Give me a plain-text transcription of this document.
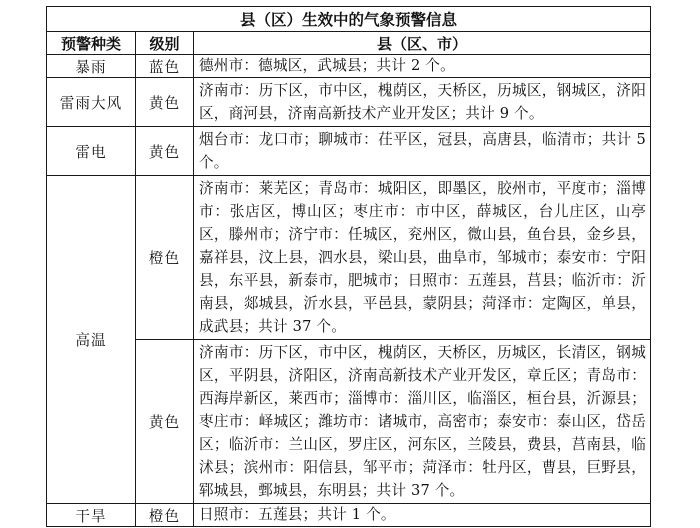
县（区）生效中的气象预警信息		
预警种类	级别	县（区、市）
暴雨	蓝色	德州市：德城区，武城县；共计 2 个。
雷雨大风	黄色	济南市：历下区，市中区，槐荫区，天桥区，历城区，钢城区，济阳区，商河县，济南高新技术产业开发区；共计 9 个。
雷电	黄色	烟台市：龙口市；聊城市：茌平区，冠县，高唐县，临清市；共计 5 个。
高温	橙色	济南市：莱芜区；青岛市：城阳区，即墨区，胶州市，平度市；淄博市：张店区，博山区；枣庄市：市中区，薛城区，台儿庄区，山亭区，滕州市；济宁市：任城区，兖州区，微山县，鱼台县，金乡县，嘉祥县，汶上县，泗水县，梁山县，曲阜市，邹城市；泰安市：宁阳县，东平县，新泰市，肥城市；日照市：五莲县，莒县；临沂市：沂南县，郯城县，沂水县，平邑县，蒙阴县；菏泽市：定陶区，单县，成武县；共计 37 个。
	黄色	济南市：历下区，市中区，槐荫区，天桥区，历城区，长清区，钢城区，平阴县，济阳区，济南高新技术产业开发区，章丘区；青岛市：西海岸新区，莱西市；淄博市：淄川区，临淄区，桓台县，沂源县；枣庄市：峄城区；潍坊市：诸城市，高密市；泰安市：泰山区，岱岳区；临沂市：兰山区，罗庄区，河东区，兰陵县，费县，莒南县，临沭县；滨州市：阳信县，邹平市；菏泽市：牡丹区，曹县，巨野县，郓城县，鄄城县，东明县；共计 37 个。
干旱	橙色	日照市：五莲县；共计 1 个。
